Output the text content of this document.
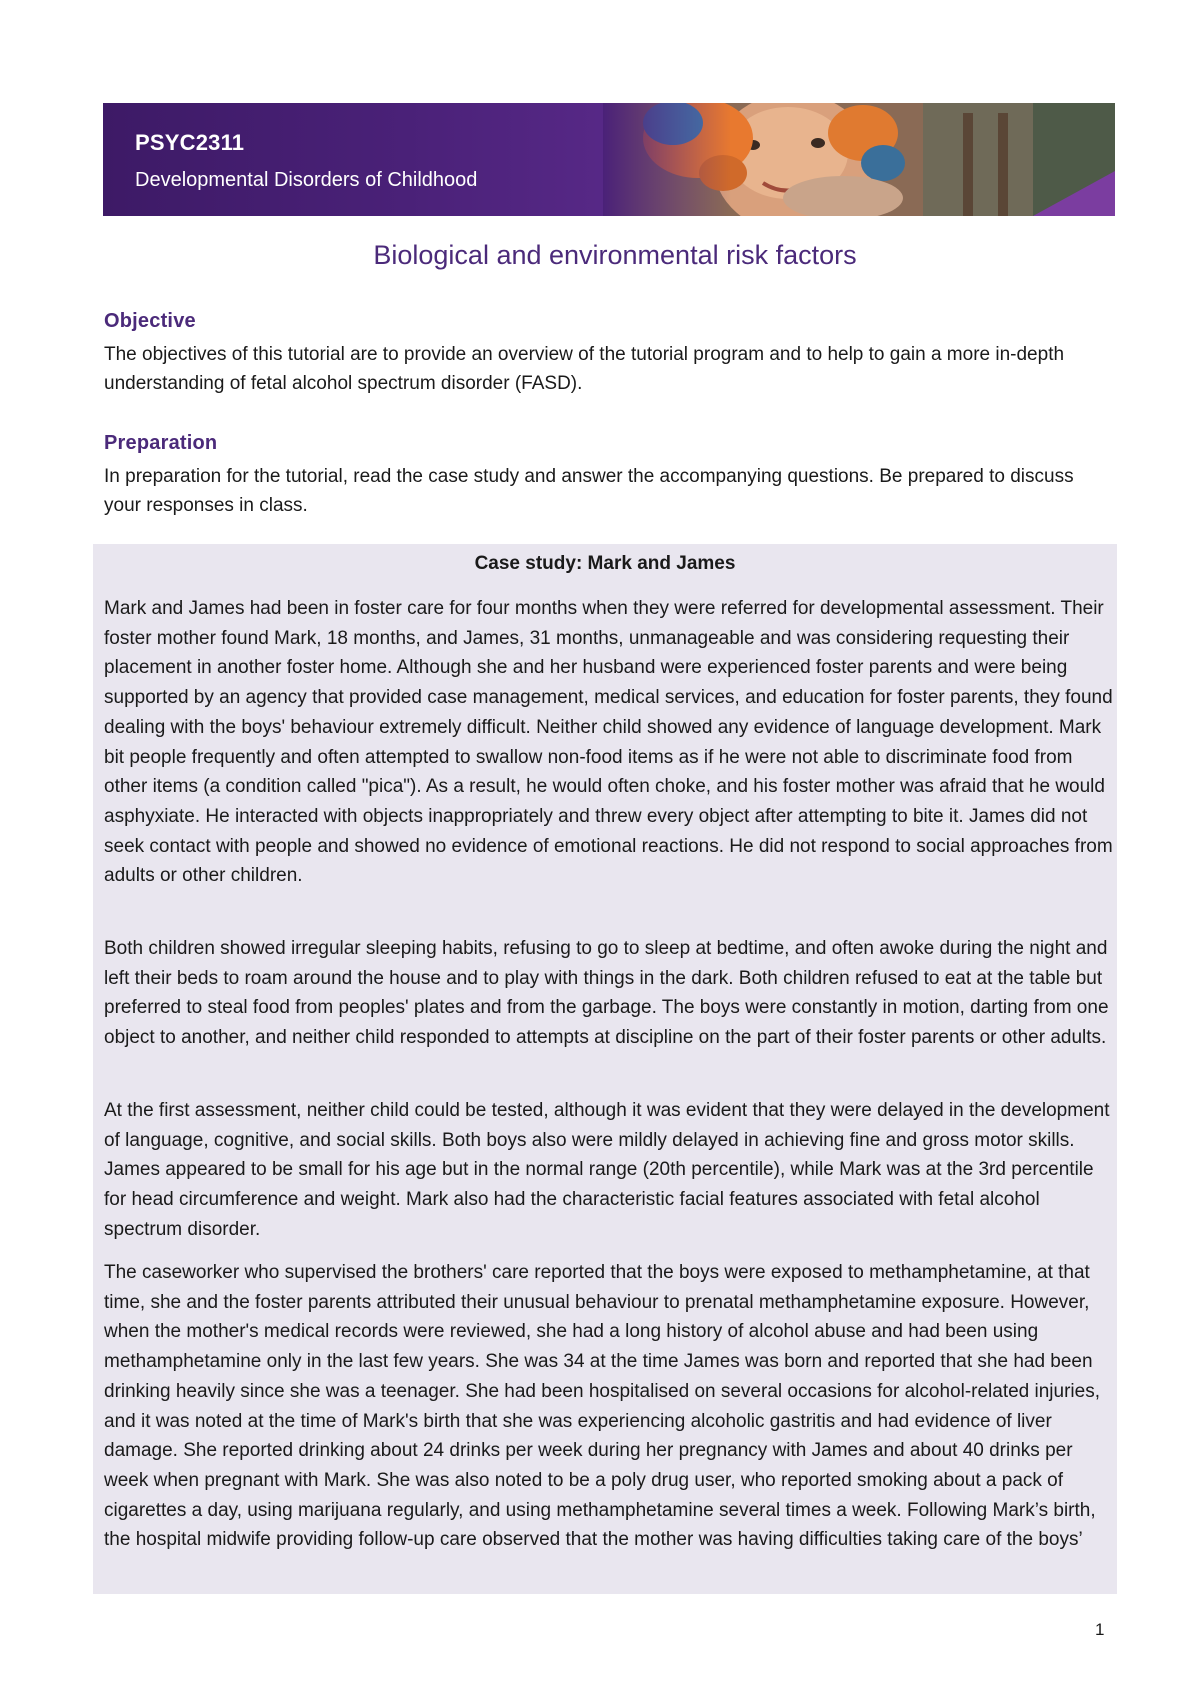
PSYC2311
Developmental Disorders of Childhood
Biological and environmental risk factors
Objective
The objectives of this tutorial are to provide an overview of the tutorial program and to help to gain a more in-depth understanding of fetal alcohol spectrum disorder (FASD).
Preparation
In preparation for the tutorial, read the case study and answer the accompanying questions. Be prepared to discuss your responses in class.
Case study: Mark and James

Mark and James had been in foster care for four months when they were referred for developmental assessment. Their foster mother found Mark, 18 months, and James, 31 months, unmanageable and was considering requesting their placement in another foster home. Although she and her husband were experienced foster parents and were being supported by an agency that provided case management, medical services, and education for foster parents, they found dealing with the boys' behaviour extremely difficult. Neither child showed any evidence of language development. Mark bit people frequently and often attempted to swallow non-food items as if he were not able to discriminate food from other items (a condition called "pica"). As a result, he would often choke, and his foster mother was afraid that he would asphyxiate. He interacted with objects inappropriately and threw every object after attempting to bite it. James did not seek contact with people and showed no evidence of emotional reactions. He did not respond to social approaches from adults or other children.

Both children showed irregular sleeping habits, refusing to go to sleep at bedtime, and often awoke during the night and left their beds to roam around the house and to play with things in the dark. Both children refused to eat at the table but preferred to steal food from peoples' plates and from the garbage. The boys were constantly in motion, darting from one object to another, and neither child responded to attempts at discipline on the part of their foster parents or other adults.

At the first assessment, neither child could be tested, although it was evident that they were delayed in the development of language, cognitive, and social skills. Both boys also were mildly delayed in achieving fine and gross motor skills. James appeared to be small for his age but in the normal range (20th percentile), while Mark was at the 3rd percentile for head circumference and weight. Mark also had the characteristic facial features associated with fetal alcohol spectrum disorder.

The caseworker who supervised the brothers' care reported that the boys were exposed to methamphetamine, at that time, she and the foster parents attributed their unusual behaviour to prenatal methamphetamine exposure. However, when the mother's medical records were reviewed, she had a long history of alcohol abuse and had been using methamphetamine only in the last few years. She was 34 at the time James was born and reported that she had been drinking heavily since she was a teenager. She had been hospitalised on several occasions for alcohol-related injuries, and it was noted at the time of Mark's birth that she was experiencing alcoholic gastritis and had evidence of liver damage. She reported drinking about 24 drinks per week during her pregnancy with James and about 40 drinks per week when pregnant with Mark. She was also noted to be a poly drug user, who reported smoking about a pack of cigarettes a day, using marijuana regularly, and using methamphetamine several times a week. Following Mark’s birth, the hospital midwife providing follow-up care observed that the mother was having difficulties taking care of the boys’

1
